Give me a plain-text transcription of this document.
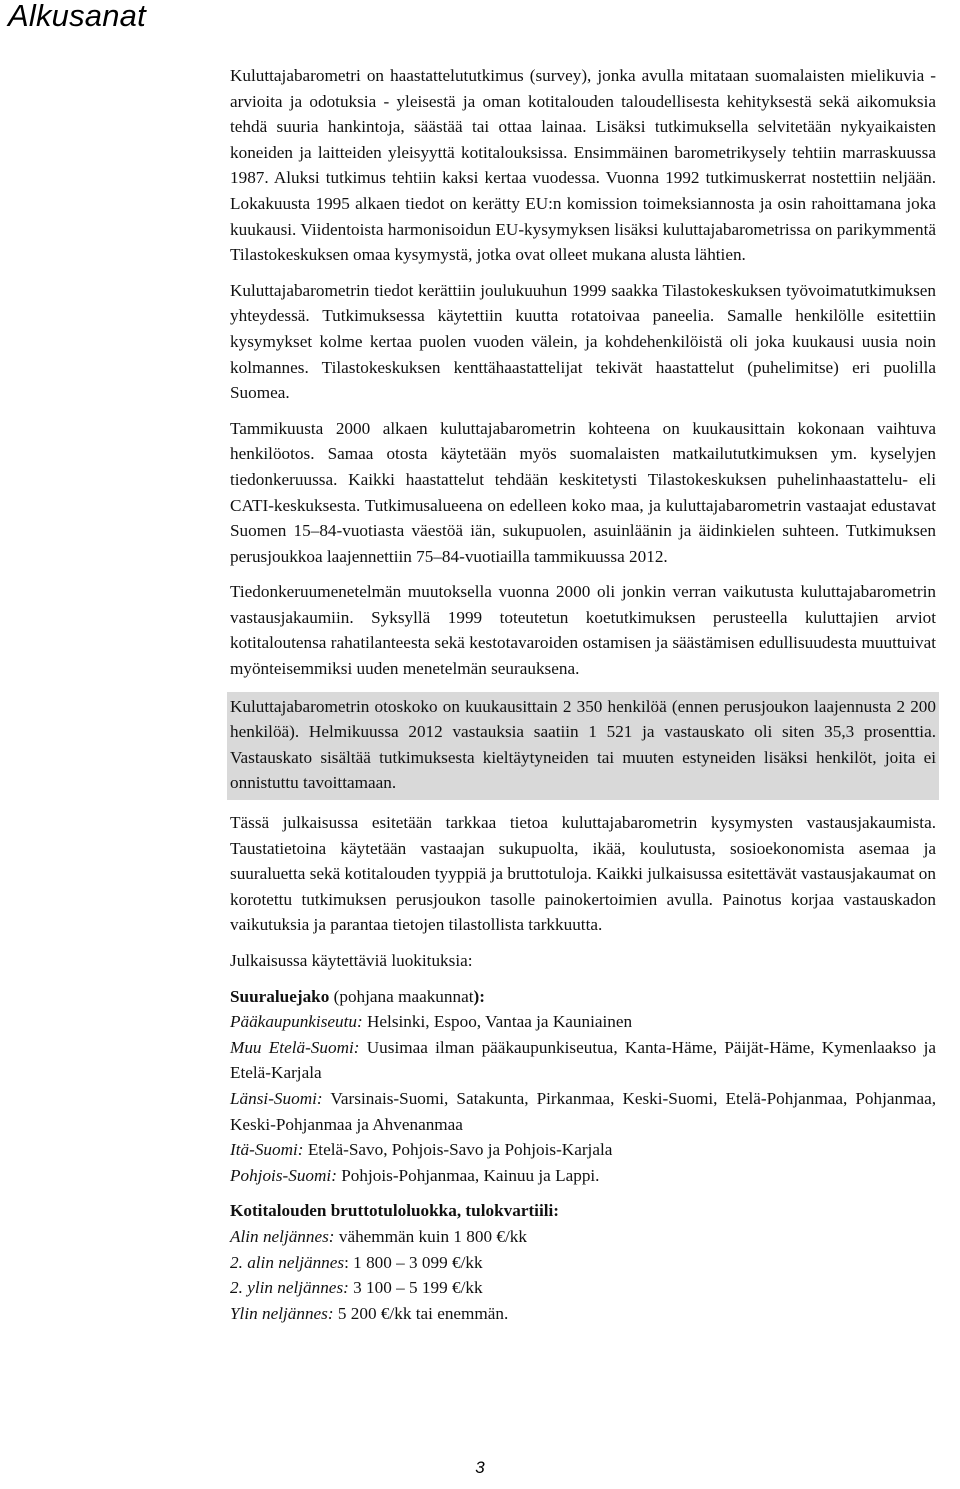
Alkusanat

Kuluttajabarometri on haastattelututkimus (survey), jonka avulla mitataan suomalaisten mielikuvia - arvioita ja odotuksia - yleisestä ja oman kotitalouden taloudellisesta kehityksestä sekä aikomuksia tehdä suuria hankintoja, säästää tai ottaa lainaa. Lisäksi tutkimuksella selvitetään nykyaikaisten koneiden ja laitteiden yleisyyttä kotitalouksissa. Ensimmäinen barometrikysely tehtiin marraskuussa 1987. Aluksi tutkimus tehtiin kaksi kertaa vuodessa. Vuonna 1992 tutkimuskerrat nostettiin neljään. Lokakuusta 1995 alkaen tiedot on kerätty EU:n komission toimeksiannosta ja osin rahoittamana joka kuukausi. Viidentoista harmonisoidun EU-kysymyksen lisäksi kuluttajabarometrissa on parikymmentä Tilastokeskuksen omaa kysymystä, jotka ovat olleet mukana alusta lähtien.

Kuluttajabarometrin tiedot kerättiin joulukuuhun 1999 saakka Tilastokeskuksen työvoimatutkimuksen yhteydessä. Tutkimuksessa käytettiin kuutta rotatoivaa paneelia. Samalle henkilölle esitettiin kysymykset kolme kertaa puolen vuoden välein, ja kohdehenkilöistä oli joka kuukausi uusia noin kolmannes. Tilastokeskuksen kenttähaastattelijat tekivät haastattelut (puhelimitse) eri puolilla Suomea.

Tammikuusta 2000 alkaen kuluttajabarometrin kohteena on kuukausittain kokonaan vaihtuva henkilöotos. Samaa otosta käytetään myös suomalaisten matkailututkimuksen ym. kyselyjen tiedonkeruussa. Kaikki haastattelut tehdään keskitetysti Tilastokeskuksen puhelinhaastattelu- eli CATI-keskuksesta. Tutkimusalueena on edelleen koko maa, ja kuluttajabarometrin vastaajat edustavat Suomen 15–84-vuotiasta väestöä iän, sukupuolen, asuinläänin ja äidinkielen suhteen. Tutkimuksen perusjoukkoa laajennettiin 75–84-vuotiailla tammikuussa 2012.

Tiedonkeruumenetelmän muutoksella vuonna 2000 oli jonkin verran vaikutusta kuluttajabarometrin vastausjakaumiin. Syksyllä 1999 toteutetun koetutkimuksen perusteella kuluttajien arviot kotitaloutensa rahatilanteesta sekä kestotavaroiden ostamisen ja säästämisen edullisuudesta muuttuivat myönteisemmiksi uuden menetelmän seurauksena.

Kuluttajabarometrin otoskoko on kuukausittain 2 350 henkilöä (ennen perusjoukon laajennusta 2 200 henkilöä). Helmikuussa 2012 vastauksia saatiin 1 521 ja vastauskato oli siten 35,3 prosenttia. Vastauskato sisältää tutkimuksesta kieltäytyneiden tai muuten estyneiden lisäksi henkilöt, joita ei onnistuttu tavoittamaan.

Tässä julkaisussa esitetään tarkkaa tietoa kuluttajabarometrin kysymysten vastausjakaumista. Taustatietoina käytetään vastaajan sukupuolta, ikää, koulutusta, sosioekonomista asemaa ja suuraluetta sekä kotitalouden tyyppiä ja bruttotuloja. Kaikki julkaisussa esitettävät vastausjakaumat on korotettu tutkimuksen perusjoukon tasolle painokertoimien avulla. Painotus korjaa vastauskadon vaikutuksia ja parantaa tietojen tilastollista tarkkuutta.

Julkaisussa käytettäviä luokituksia:

Suuraluejako (pohjana maakunnat):

Pääkaupunkiseutu: Helsinki, Espoo, Vantaa ja Kauniainen

Muu Etelä-Suomi: Uusimaa ilman pääkaupunkiseutua, Kanta-Häme, Päijät-Häme, Kymenlaakso ja Etelä-Karjala

Länsi-Suomi: Varsinais-Suomi, Satakunta, Pirkanmaa, Keski-Suomi, Etelä-Pohjanmaa, Pohjanmaa, Keski-Pohjanmaa ja Ahvenanmaa

Itä-Suomi: Etelä-Savo, Pohjois-Savo ja Pohjois-Karjala

Pohjois-Suomi: Pohjois-Pohjanmaa, Kainuu ja Lappi.

Kotitalouden bruttotuloluokka, tulokvartiili:

Alin neljännes: vähemmän kuin 1 800 €/kk

2. alin neljännes: 1 800 – 3 099 €/kk

2. ylin neljännes: 3 100 – 5 199 €/kk

Ylin neljännes: 5 200 €/kk tai enemmän.

3
